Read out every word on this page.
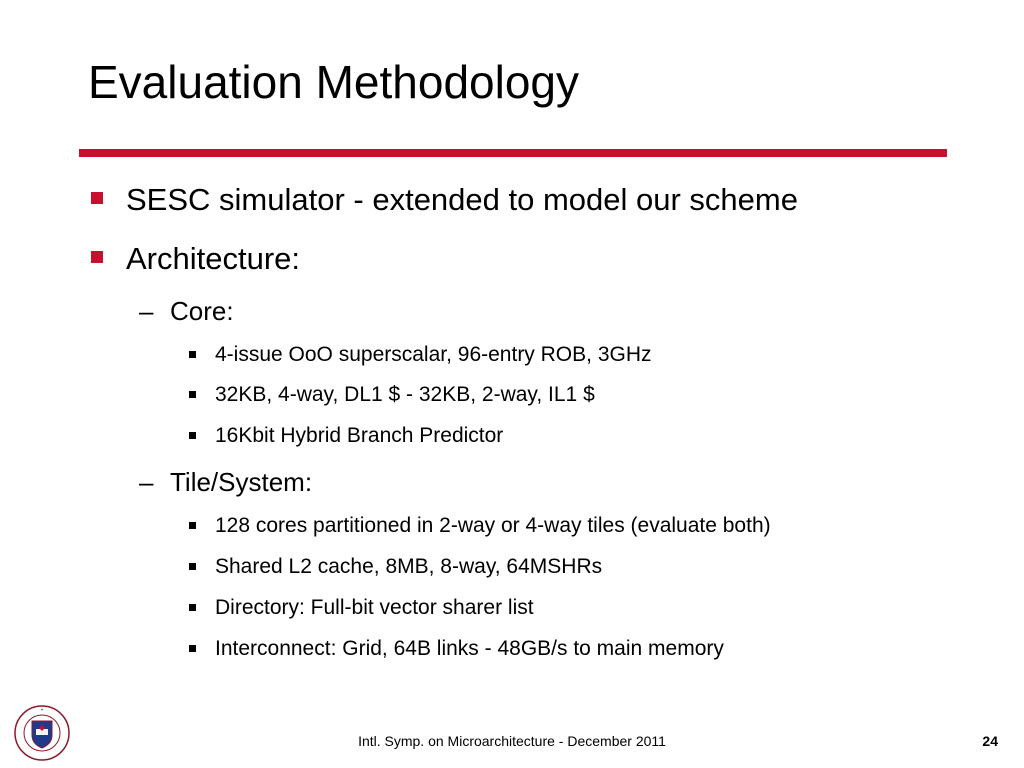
Evaluation Methodology
SESC simulator - extended to model our scheme
Architecture:
– Core:
4-issue OoO superscalar, 96-entry ROB, 3GHz
32KB, 4-way, DL1 $ - 32KB, 2-way, IL1 $
16Kbit Hybrid Branch Predictor
– Tile/System:
128 cores partitioned in 2-way or 4-way tiles (evaluate both)
Shared L2 cache, 8MB, 8-way, 64MSHRs
Directory: Full-bit vector sharer list
Interconnect: Grid, 64B links - 48GB/s to main memory
✦
Intl. Symp. on Microarchitecture - December 2011	24
